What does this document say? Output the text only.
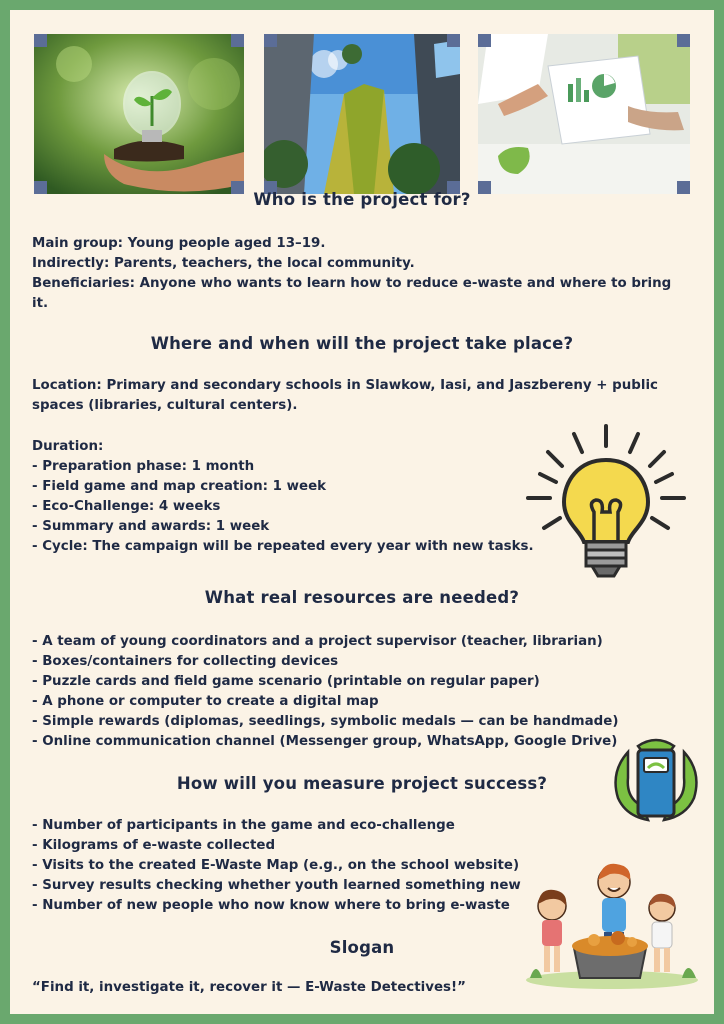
Who is the project for?
Main group: Young people aged 13–19.
Indirectly: Parents, teachers, the local community.
Beneficiaries: Anyone who wants to learn how to reduce e-waste and where to bring
it.
Where and when will the project take place?
Location: Primary and secondary schools in Slawkow, Iasi, and Jaszbereny + public
spaces (libraries, cultural centers).
Duration:
- Preparation phase: 1 month
- Field game and map creation: 1 week
- Eco-Challenge: 4 weeks
- Summary and awards: 1 week
- Cycle: The campaign will be repeated every year with new tasks.
What real resources are needed?
- A team of young coordinators and a project supervisor (teacher, librarian)
- Boxes/containers for collecting devices
- Puzzle cards and field game scenario (printable on regular paper)
- A phone or computer to create a digital map
- Simple rewards (diplomas, seedlings, symbolic medals — can be handmade)
- Online communication channel (Messenger group, WhatsApp, Google Drive)
How will you measure project success?
- Number of participants in the game and eco-challenge
- Kilograms of e-waste collected
- Visits to the created E-Waste Map (e.g., on the school website)
- Survey results checking whether youth learned something new
- Number of new people who now know where to bring e-waste
Slogan
“Find it, investigate it, recover it — E-Waste Detectives!”
